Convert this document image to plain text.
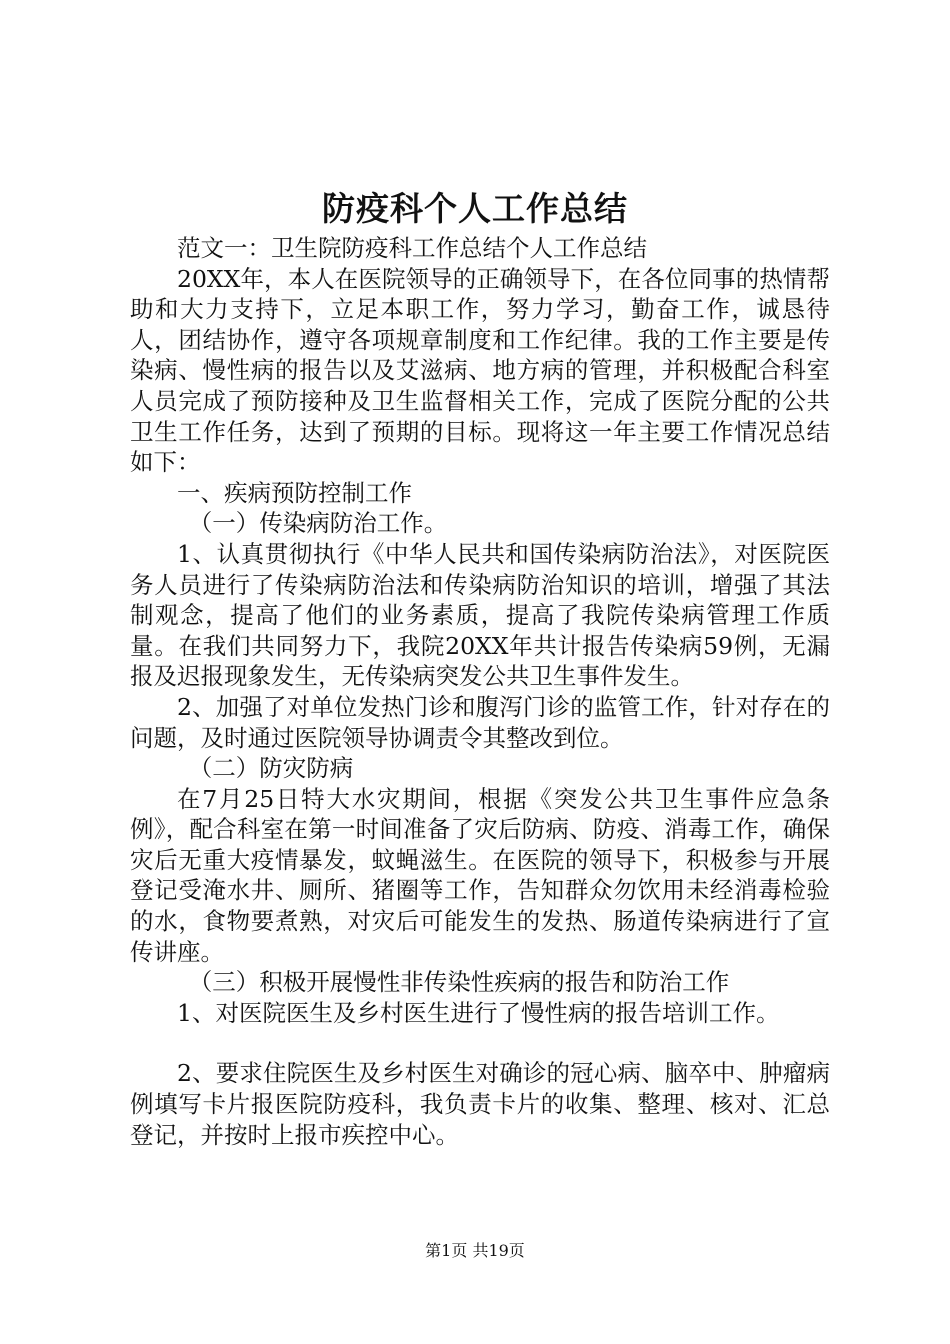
防疫科个人工作总结

范文一：卫生院防疫科工作总结个人工作总结

20XX年，本人在医院领导的正确领导下，在各位同事的热情帮助和大力支持下，立足本职工作，努力学习，勤奋工作，诚恳待人，团结协作，遵守各项规章制度和工作纪律。我的工作主要是传染病、慢性病的报告以及艾滋病、地方病的管理，并积极配合科室人员完成了预防接种及卫生监督相关工作，完成了医院分配的公共卫生工作任务，达到了预期的目标。现将这一年主要工作情况总结如下：

一、疾病预防控制工作

（一）传染病防治工作。

1、认真贯彻执行《中华人民共和国传染病防治法》，对医院医务人员进行了传染病防治法和传染病防治知识的培训，增强了其法制观念，提高了他们的业务素质，提高了我院传染病管理工作质量。在我们共同努力下，我院20XX年共计报告传染病59例，无漏报及迟报现象发生，无传染病突发公共卫生事件发生。

2、加强了对单位发热门诊和腹泻门诊的监管工作，针对存在的问题，及时通过医院领导协调责令其整改到位。

（二）防灾防病

在7月25日特大水灾期间，根据《突发公共卫生事件应急条例》，配合科室在第一时间准备了灾后防病、防疫、消毒工作，确保灾后无重大疫情暴发，蚊蝇滋生。在医院的领导下，积极参与开展登记受淹水井、厕所、猪圈等工作，告知群众勿饮用未经消毒检验的水，食物要煮熟，对灾后可能发生的发热、肠道传染病进行了宣传讲座。

（三）积极开展慢性非传染性疾病的报告和防治工作

1、对医院医生及乡村医生进行了慢性病的报告培训工作。

2、要求住院医生及乡村医生对确诊的冠心病、脑卒中、肿瘤病例填写卡片报医院防疫科，我负责卡片的收集、整理、核对、汇总登记，并按时上报市疾控中心。

第1页 共19页
